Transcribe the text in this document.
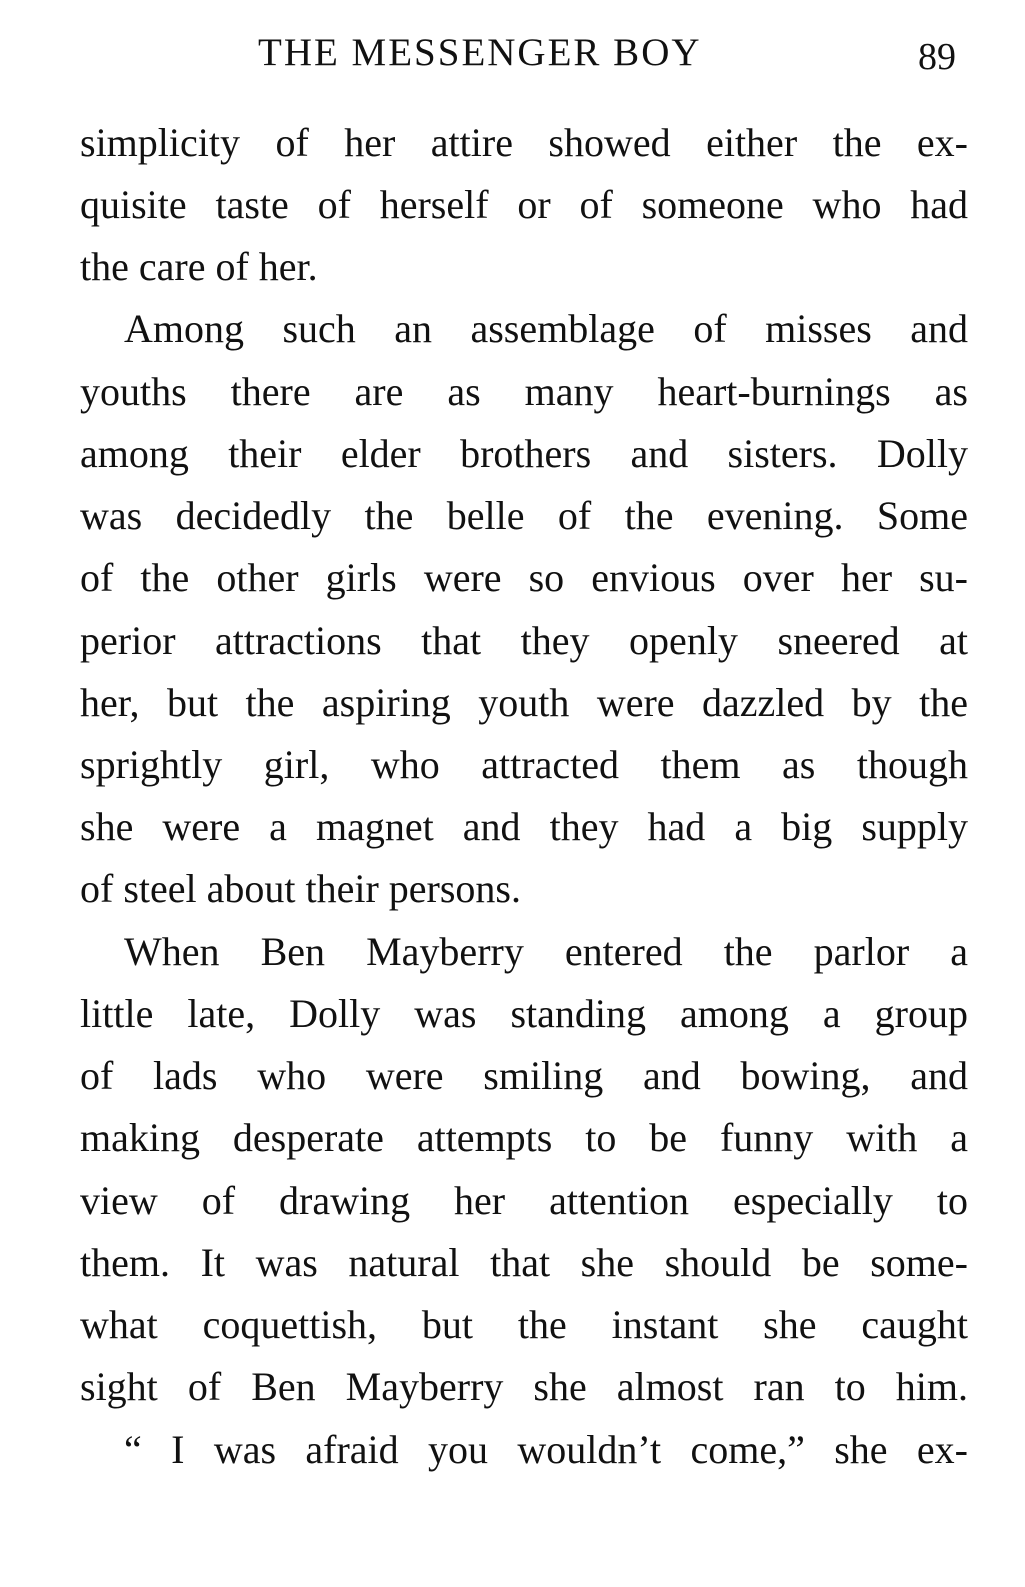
THE MESSENGER BOY	89
simplicity of her attire showed either the ex-
quisite taste of herself or of someone who had
the care of her.
Among such an assemblage of misses and
youths there are as many heart-burnings as
among their elder brothers and sisters. Dolly
was decidedly the belle of the evening. Some
of the other girls were so envious over her su-
perior attractions that they openly sneered at
her, but the aspiring youth were dazzled by the
sprightly girl, who attracted them as though
she were a magnet and they had a big supply
of steel about their persons.
When Ben Mayberry entered the parlor a
little late, Dolly was standing among a group
of lads who were smiling and bowing, and
making desperate attempts to be funny with a
view of drawing her attention especially to
them. It was natural that she should be some-
what coquettish, but the instant she caught
sight of Ben Mayberry she almost ran to him.
“ I was afraid you wouldn’t come,” she ex-
